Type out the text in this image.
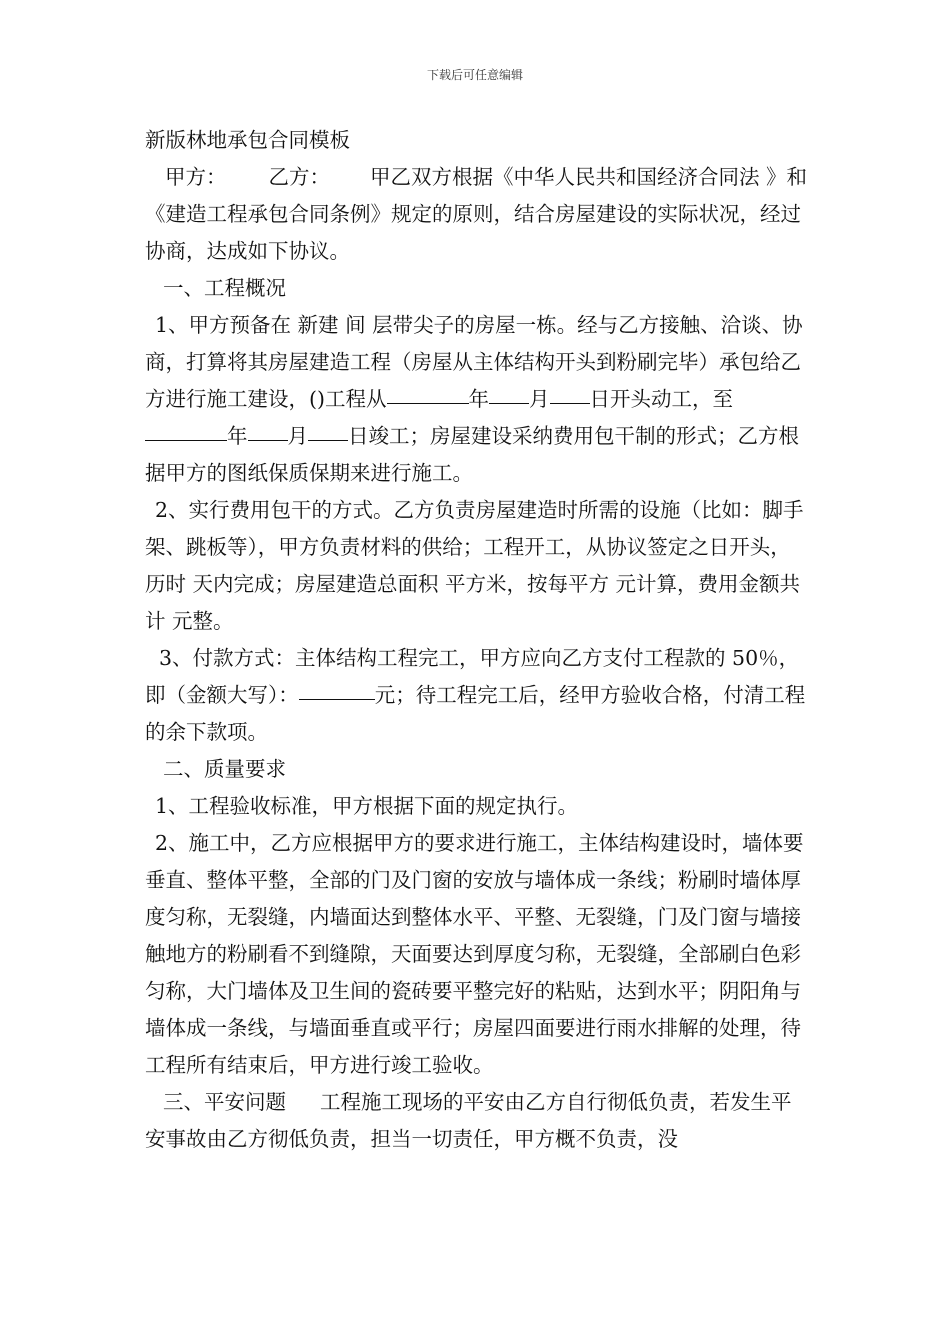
下载后可任意编辑

新版林地承包合同模板

甲方： 乙方： 甲乙双方根据《中华人民共和国经济合同法 》和《建造工程承包合同条例》规定的原则，结合房屋建设的实际状况，经过协商，达成如下协议。

一、工程概况

1、甲方预备在 新建 间 层带尖子的房屋一栋。经与乙方接触、洽谈、协商，打算将其房屋建造工程（房屋从主体结构开头到粉刷完毕）承包给乙方进行施工建设，()工程从	年 月 日开头动工，至年 月 日竣工；房屋建设采纳费用包干制的形式；乙方根据甲方的图纸保质保期来进行施工。

2、实行费用包干的方式。乙方负责房屋建造时所需的设施（比如：脚手架、跳板等），甲方负责材料的供给；工程开工，从协议签定之日开头，历时 天内完成；房屋建造总面积 平方米，按每平方 元计算，费用金额共计 元整。

3、付款方式：主体结构工程完工，甲方应向乙方支付工程款的 50％，即（金额大写）：	元；待工程完工后，经甲方验收合格，付清工程的余下款项。

二、质量要求

1、工程验收标准，甲方根据下面的规定执行。

2、施工中，乙方应根据甲方的要求进行施工，主体结构建设时，墙体要垂直、整体平整，全部的门及门窗的安放与墙体成一条线；粉刷时墙体厚度匀称，无裂缝，内墙面达到整体水平、平整、无裂缝，门及门窗与墙接触地方的粉刷看不到缝隙，天面要达到厚度匀称，无裂缝，全部刷白色彩匀称，大门墙体及卫生间的瓷砖要平整完好的粘贴，达到水平；阴阳角与墙体成一条线，与墙面垂直或平行；房屋四面要进行雨水排解的处理，待工程所有结束后，甲方进行竣工验收。

三、平安问题 工程施工现场的平安由乙方自行彻低负责，若发生平安事故由乙方彻低负责，担当一切责任，甲方概不负责，没
